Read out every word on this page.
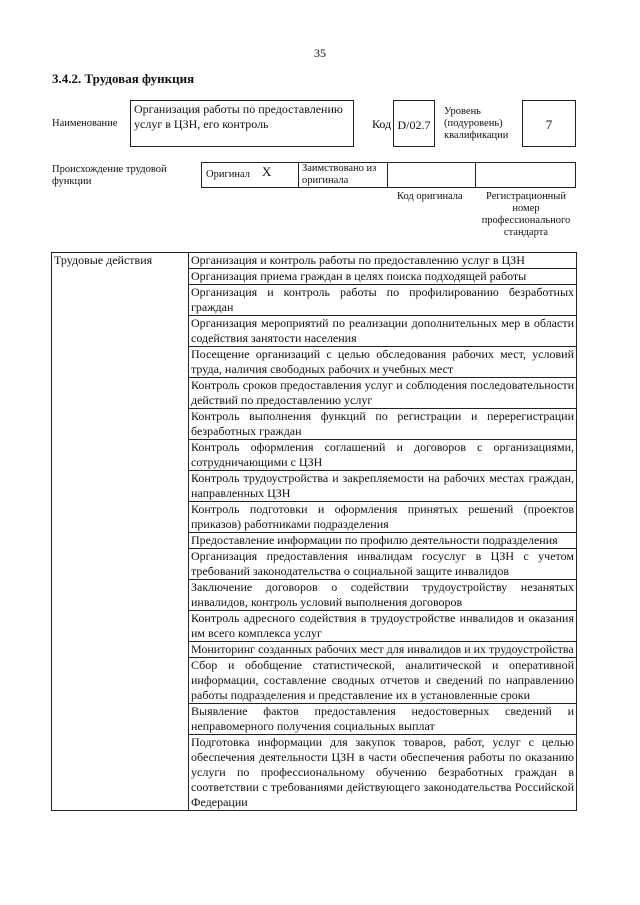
35
3.4.2. Трудовая функция
Наименование
Организация работы по предоставлению услуг в ЦЗН, его контроль	Код D/02.7
Уровень (подуровень) квалификации
7
Происхождение трудовой функции
Оригинал X	Заимствовано из оригинала
Код оригинала	Регистрационный номер профессионального стандарта
Трудовые действия	Организация и контроль работы по предоставлению услуг в ЦЗН
Организация приема граждан в целях поиска подходящей работы
Организация и контроль работы по профилированию безработных граждан
Организация мероприятий по реализации дополнительных мер в области содействия занятости населения
Посещение организаций с целью обследования рабочих мест, условий труда, наличия свободных рабочих и учебных мест
Контроль сроков предоставления услуг и соблюдения последовательности действий по предоставлению услуг
Контроль выполнения функций по регистрации и перерегистрации безработных граждан
Контроль оформления соглашений и договоров с организациями, сотрудничающими с ЦЗН
Контроль трудоустройства и закрепляемости на рабочих местах граждан, направленных ЦЗН
Контроль подготовки и оформления принятых решений (проектов приказов) работниками подразделения
Предоставление информации по профилю деятельности подразделения
Организация предоставления инвалидам госуслуг в ЦЗН с учетом требований законодательства о социальной защите инвалидов
Заключение договоров о содействии трудоустройству незанятых инвалидов, контроль условий выполнения договоров
Контроль адресного содействия в трудоустройстве инвалидов и оказания им всего комплекса услуг
Мониторинг созданных рабочих мест для инвалидов и их трудоустройства
Сбор и обобщение статистической, аналитической и оперативной информации, составление сводных отчетов и сведений по направлению работы подразделения и представление их в установленные сроки
Выявление фактов предоставления недостоверных сведений и неправомерного получения социальных выплат
Подготовка информации для закупок товаров, работ, услуг с целью обеспечения деятельности ЦЗН в части обеспечения работы по оказанию услуги по профессиональному обучению безработных граждан в соответствии с требованиями действующего законодательства Российской Федерации
